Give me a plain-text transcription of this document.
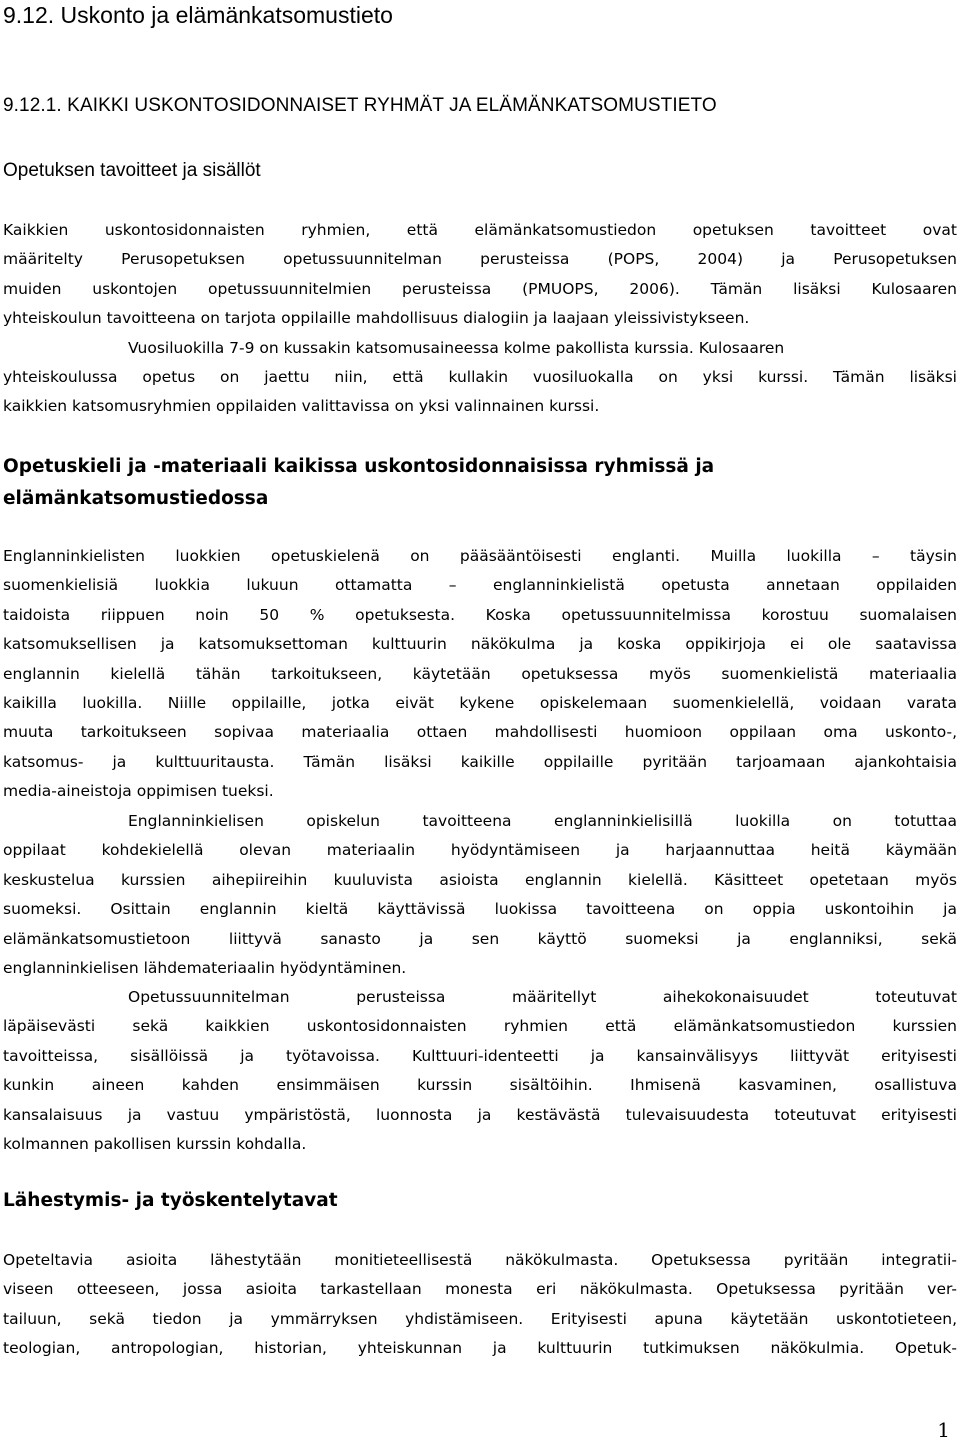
9.12. Uskonto ja elämänkatsomustieto
9.12.1. KAIKKI USKONTOSIDONNAISET RYHMÄT JA ELÄMÄNKATSOMUSTIETO
Opetuksen tavoitteet ja sisällöt
Kaikkien uskontosidonnaisten ryhmien, että elämänkatsomustiedon opetuksen tavoitteet ovat
määritelty Perusopetuksen opetussuunnitelman perusteissa (POPS, 2004) ja Perusopetuksen
muiden uskontojen opetussuunnitelmien perusteissa (PMUOPS, 2006). Tämän lisäksi Kulosaaren
yhteiskoulun tavoitteena on tarjota oppilaille mahdollisuus dialogiin ja laajaan yleissivistykseen.
Vuosiluokilla 7-9 on kussakin katsomusaineessa kolme pakollista kurssia. Kulosaaren
yhteiskoulussa opetus on jaettu niin, että kullakin vuosiluokalla on yksi kurssi. Tämän lisäksi
kaikkien katsomusryhmien oppilaiden valittavissa on yksi valinnainen kurssi.
Opetuskieli ja -materiaali kaikissa uskontosidonnaisissa ryhmissä ja
elämänkatsomustiedossa
Englanninkielisten luokkien opetuskielenä on pääsääntöisesti englanti. Muilla luokilla – täysin
suomenkielisiä luokkia lukuun ottamatta – englanninkielistä opetusta annetaan oppilaiden
taidoista riippuen noin 50 % opetuksesta. Koska opetussuunnitelmissa korostuu suomalaisen
katsomuksellisen ja katsomuksettoman kulttuurin näkökulma ja koska oppikirjoja ei ole saatavissa
englannin kielellä tähän tarkoitukseen, käytetään opetuksessa myös suomenkielistä materiaalia
kaikilla luokilla. Niille oppilaille, jotka eivät kykene opiskelemaan suomenkielellä, voidaan varata
muuta tarkoitukseen sopivaa materiaalia ottaen mahdollisesti huomioon oppilaan oma uskonto-,
katsomus- ja kulttuuritausta. Tämän lisäksi kaikille oppilaille pyritään tarjoamaan ajankohtaisia
media-aineistoja oppimisen tueksi.
Englanninkielisen opiskelun tavoitteena englanninkielisillä luokilla on totuttaa
oppilaat kohdekielellä olevan materiaalin hyödyntämiseen ja harjaannuttaa heitä käymään
keskustelua kurssien aihepiireihin kuuluvista asioista englannin kielellä. Käsitteet opetetaan myös
suomeksi. Osittain englannin kieltä käyttävissä luokissa tavoitteena on oppia uskontoihin ja
elämänkatsomustietoon liittyvä sanasto ja sen käyttö suomeksi ja englanniksi, sekä
englanninkielisen lähdemateriaalin hyödyntäminen.
Opetussuunnitelman perusteissa määritellyt aihekokonaisuudet toteutuvat
läpäisevästi sekä kaikkien uskontosidonnaisten ryhmien että elämänkatsomustiedon kurssien
tavoitteissa, sisällöissä ja työtavoissa. Kulttuuri-identeetti ja kansainvälisyys liittyvät erityisesti
kunkin aineen kahden ensimmäisen kurssin sisältöihin. Ihmisenä kasvaminen, osallistuva
kansalaisuus ja vastuu ympäristöstä, luonnosta ja kestävästä tulevaisuudesta toteutuvat erityisesti
kolmannen pakollisen kurssin kohdalla.
Lähestymis- ja työskentelytavat
Opeteltavia asioita lähestytään monitieteellisestä näkökulmasta. Opetuksessa pyritään integratii-
viseen otteeseen, jossa asioita tarkastellaan monesta eri näkökulmasta. Opetuksessa pyritään ver-
tailuun, sekä tiedon ja ymmärryksen yhdistämiseen. Erityisesti apuna käytetään uskontotieteen,
teologian, antropologian, historian, yhteiskunnan ja kulttuurin tutkimuksen näkökulmia. Opetuk-
1
